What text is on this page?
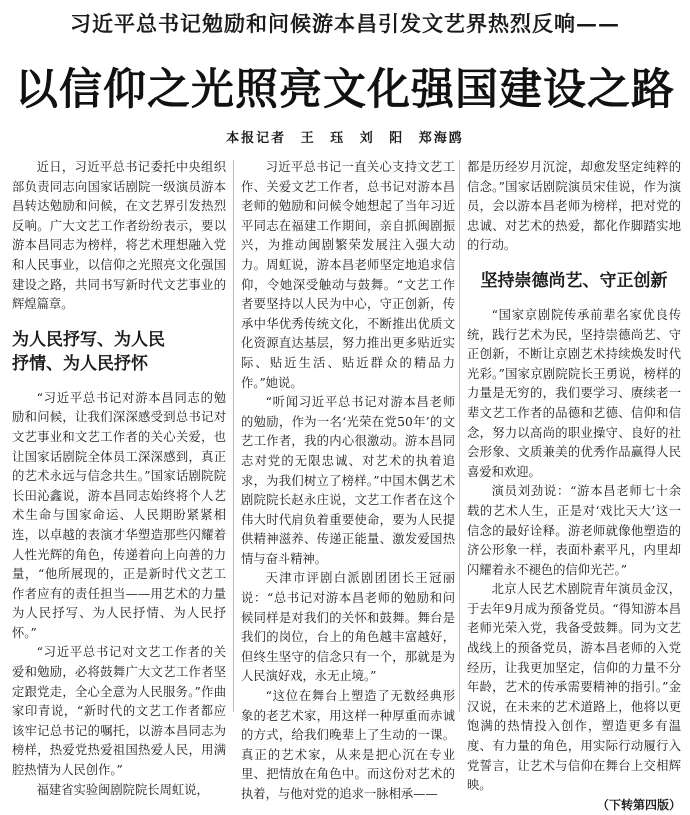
习近平总书记勉励和问候游本昌引发文艺界热烈反响——
以信仰之光照亮文化强国建设之路
本报记者 王 珏 刘 阳 郑海鸥

近日，习近平总书记委托中央组织部负责同志向国家话剧院一级演员游本昌转达勉励和问候，在文艺界引发热烈反响。广大文艺工作者纷纷表示，要以游本昌同志为榜样，将艺术理想融入党和人民事业，以信仰之光照亮文化强国建设之路，共同书写新时代文艺事业的辉煌篇章。

为人民抒写、为人民
抒情、为人民抒怀

“习近平总书记对游本昌同志的勉励和问候，让我们深深感受到总书记对文艺事业和文艺工作者的关心关爱，也让国家话剧院全体员工深深感到，真正的艺术永远与信念共生。”国家话剧院院长田沁鑫说，游本昌同志始终将个人艺术生命与国家命运、人民期盼紧紧相连，以卓越的表演才华塑造那些闪耀着人性光辉的角色，传递着向上向善的力量，“他所展现的，正是新时代文艺工作者应有的责任担当——用艺术的力量为人民抒写、为人民抒情、为人民抒怀。”

“习近平总书记对文艺工作者的关爱和勉励，必将鼓舞广大文艺工作者坚定跟党走，全心全意为人民服务。”作曲家印青说，“新时代的文艺工作者都应该牢记总书记的嘱托，以游本昌同志为榜样，热爱党热爱祖国热爱人民，用满腔热情为人民创作。”

福建省实验闽剧院院长周虹说，

习近平总书记一直关心支持文艺工作、关爱文艺工作者，总书记对游本昌老师的勉励和问候令她想起了当年习近平同志在福建工作期间，亲自抓闽剧振兴，为推动闽剧繁荣发展注入强大动力。周虹说，游本昌老师坚定地追求信仰，令她深受触动与鼓舞。“文艺工作者要坚持以人民为中心，守正创新，传承中华优秀传统文化，不断推出优质文化资源直达基层，努力推出更多贴近实际、贴近生活、贴近群众的精品力作。”她说。

“听闻习近平总书记对游本昌老师的勉励，作为一名‘光荣在党50年’的文艺工作者，我的内心很激动。游本昌同志对党的无限忠诚、对艺术的执着追求，为我们树立了榜样。”中国木偶艺术剧院院长赵永庄说，文艺工作者在这个伟大时代肩负着重要使命，要为人民提供精神滋养、传递正能量、激发爱国热情与奋斗精神。

天津市评剧白派剧团团长王冠丽说：“总书记对游本昌老师的勉励和问候同样是对我们的关怀和鼓舞。舞台是我们的岗位，台上的角色越丰富越好，但终生坚守的信念只有一个，那就是为人民演好戏，永无止境。”

“这位在舞台上塑造了无数经典形象的老艺术家，用这样一种厚重而赤诚的方式，给我们晚辈上了生动的一课。真正的艺术家，从来是把心沉在专业里、把情放在角色中。而这份对艺术的执着，与他对党的追求一脉相承——

都是历经岁月沉淀，却愈发坚定纯粹的信念。”国家话剧院演员宋佳说，作为演员，会以游本昌老师为榜样，把对党的忠诚、对艺术的热爱，都化作脚踏实地的行动。

坚持崇德尚艺、守正创新

“国家京剧院传承前辈名家优良传统，践行艺术为民，坚持崇德尚艺、守正创新，不断让京剧艺术持续焕发时代光彩。”国家京剧院院长王勇说，榜样的力量是无穷的，我们要学习、赓续老一辈文艺工作者的品德和艺德、信仰和信念，努力以高尚的职业操守、良好的社会形象、文质兼美的优秀作品赢得人民喜爱和欢迎。

演员刘劲说：“游本昌老师七十余载的艺术人生，正是对‘戏比天大’这一信念的最好诠释。游老师就像他塑造的济公形象一样，表面朴素平凡，内里却闪耀着永不褪色的信仰光芒。”

北京人民艺术剧院青年演员金汉，于去年9月成为预备党员。“得知游本昌老师光荣入党，我备受鼓舞。同为文艺战线上的预备党员，游本昌老师的入党经历，让我更加坚定，信仰的力量不分年龄，艺术的传承需要精神的指引。”金汉说，在未来的艺术道路上，他将以更饱满的热情投入创作，塑造更多有温度、有力量的角色，用实际行动履行入党誓言，让艺术与信仰在舞台上交相辉映。

（下转第四版）
